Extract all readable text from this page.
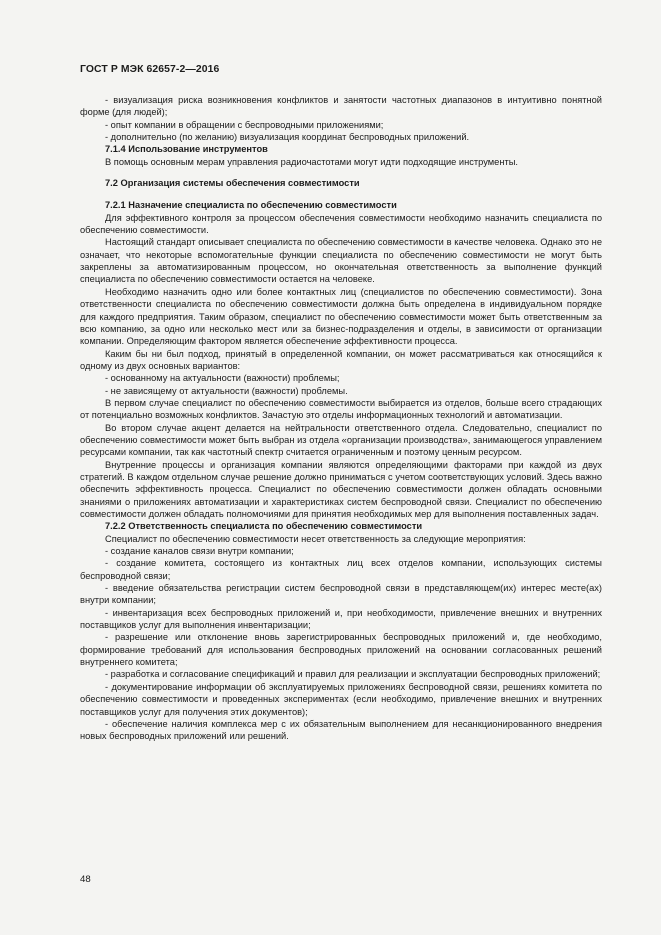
ГОСТ Р МЭК 62657-2—2016

- визуализация риска возникновения конфликтов и занятости частотных диапазонов в интуитивно понятной форме (для людей);

- опыт компании в обращении с беспроводными приложениями;

- дополнительно (по желанию) визуализация координат беспроводных приложений.

7.1.4 Использование инструментов

В помощь основным мерам управления радиочастотами могут идти подходящие инструменты.

7.2 Организация системы обеспечения совместимости

7.2.1 Назначение специалиста по обеспечению совместимости

Для эффективного контроля за процессом обеспечения совместимости необходимо назначить специалиста по обеспечению совместимости.

Настоящий стандарт описывает специалиста по обеспечению совместимости в качестве человека. Однако это не означает, что некоторые вспомогательные функции специалиста по обеспечению совместимости не могут быть закреплены за автоматизированным процессом, но окончательная ответственность за выполнение функций специалиста по обеспечению совместимости остается на человеке.

Необходимо назначить одно или более контактных лиц (специалистов по обеспечению совместимости). Зона ответственности специалиста по обеспечению совместимости должна быть определена в индивидуальном порядке для каждого предприятия. Таким образом, специалист по обеспечению совместимости может быть ответственным за всю компанию, за одно или несколько мест или за бизнес-подразделения и отделы, в зависимости от организации компании. Определяющим фактором является обеспечение эффективности процесса.

Каким бы ни был подход, принятый в определенной компании, он может рассматриваться как относящийся к одному из двух основных вариантов:

- основанному на актуальности (важности) проблемы;

- не зависящему от актуальности (важности) проблемы.

В первом случае специалист по обеспечению совместимости выбирается из отделов, больше всего страдающих от потенциально возможных конфликтов. Зачастую это отделы информационных технологий и автоматизации.

Во втором случае акцент делается на нейтральности ответственного отдела. Следовательно, специалист по обеспечению совместимости может быть выбран из отдела «организации производства», занимающегося управлением ресурсами компании, так как частотный спектр считается ограниченным и поэтому ценным ресурсом.

Внутренние процессы и организация компании являются определяющими факторами при каждой из двух стратегий. В каждом отдельном случае решение должно приниматься с учетом соответствующих условий. Здесь важно обеспечить эффективность процесса. Специалист по обеспечению совместимости должен обладать основными знаниями о приложениях автоматизации и характеристиках систем беспроводной связи. Специалист по обеспечению совместимости должен обладать полномочиями для принятия необходимых мер для выполнения поставленных задач.

7.2.2 Ответственность специалиста по обеспечению совместимости

Специалист по обеспечению совместимости несет ответственность за следующие мероприятия:

- создание каналов связи внутри компании;

- создание комитета, состоящего из контактных лиц всех отделов компании, использующих системы беспроводной связи;

- введение обязательства регистрации систем беспроводной связи в представляющем(их) интерес месте(ах) внутри компании;

- инвентаризация всех беспроводных приложений и, при необходимости, привлечение внешних и внутренних поставщиков услуг для выполнения инвентаризации;

- разрешение или отклонение вновь зарегистрированных беспроводных приложений и, где необходимо, формирование требований для использования беспроводных приложений на основании согласованных решений внутреннего комитета;

- разработка и согласование спецификаций и правил для реализации и эксплуатации беспроводных приложений;

- документирование информации об эксплуатируемых приложениях беспроводной связи, решениях комитета по обеспечению совместимости и проведенных экспериментах (если необходимо, привлечение внешних и внутренних поставщиков услуг для получения этих документов);

- обеспечение наличия комплекса мер с их обязательным выполнением для несанкционированного внедрения новых беспроводных приложений или решений.

48
